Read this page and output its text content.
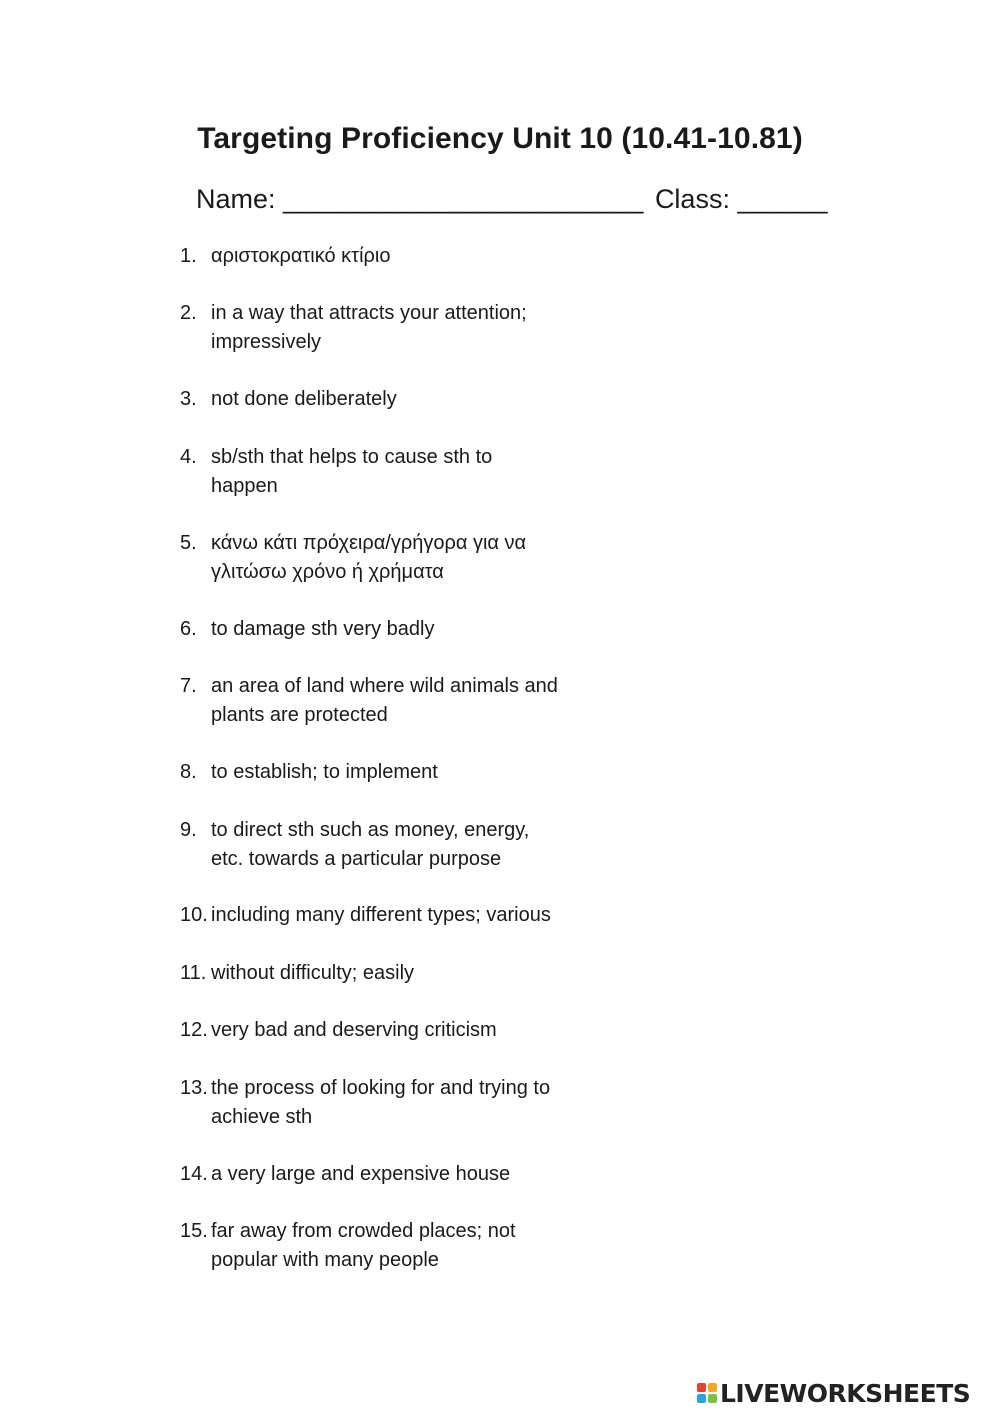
Targeting Proficiency Unit 10 (10.41-10.81)
Name: ________________________ Class: ______
1. αριστοκρατικό κτίριο
2. in a way that attracts your attention;
impressively
3. not done deliberately
4. sb/sth that helps to cause sth to
happen
5. κάνω κάτι πρόχειρα/γρήγορα για να
γλιτώσω χρόνο ή χρήματα
6. to damage sth very badly
7. an area of land where wild animals and
plants are protected
8. to establish; to implement
9. to direct sth such as money, energy,
etc. towards a particular purpose
10. including many different types; various
11. without difficulty; easily
12. very bad and deserving criticism
13. the process of looking for and trying to
achieve sth
14. a very large and expensive house
15. far away from crowded places; not
popular with many people
LIVEWORKSHEETS
